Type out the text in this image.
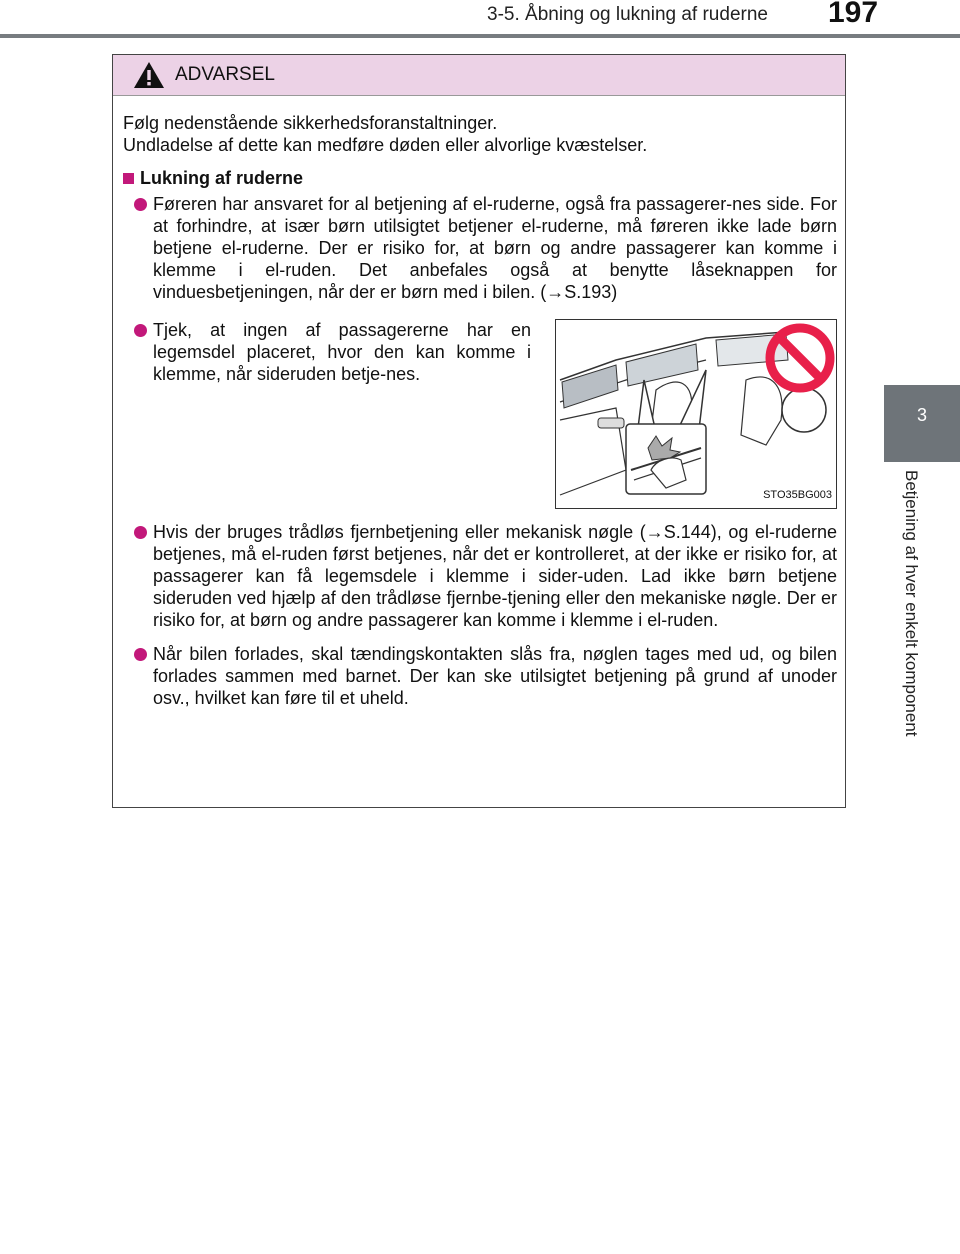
3-5. Åbning og lukning af ruderne	197
3
Betjening af hver enkelt komponent
ADVARSEL

Følg nedenstående sikkerhedsforanstaltninger.

Undladelse af dette kan medføre døden eller alvorlige kvæstelser.

Lukning af ruderne
Føreren har ansvaret for al betjening af el-ruderne, også fra passagerer-nes side. For at forhindre, at især børn utilsigtet betjener el-ruderne, må føreren ikke lade børn betjene el-ruderne. Der er risiko for, at børn og andre passagerer kan komme i klemme i el-ruden. Det anbefales også at benytte låseknappen for vinduesbetjeningen, når der er børn med i bilen. (→S.193)
Tjek, at ingen af passagererne har en legemsdel placeret, hvor den kan komme i klemme, når sideruden betje-nes.
STO35BG003
Hvis der bruges trådløs fjernbetjening eller mekanisk nøgle (→S.144), og el-ruderne betjenes, må el-ruden først betjenes, når det er kontrolleret, at der ikke er risiko for, at passagerer kan få legemsdele i klemme i sider-uden. Lad ikke børn betjene sideruden ved hjælp af den trådløse fjernbe-tjening eller den mekaniske nøgle. Der er risiko for, at børn og andre passagerer kan komme i klemme i el-ruden.
Når bilen forlades, skal tændingskontakten slås fra, nøglen tages med ud, og bilen forlades sammen med barnet. Der kan ske utilsigtet betjening på grund af unoder osv., hvilket kan føre til et uheld.
